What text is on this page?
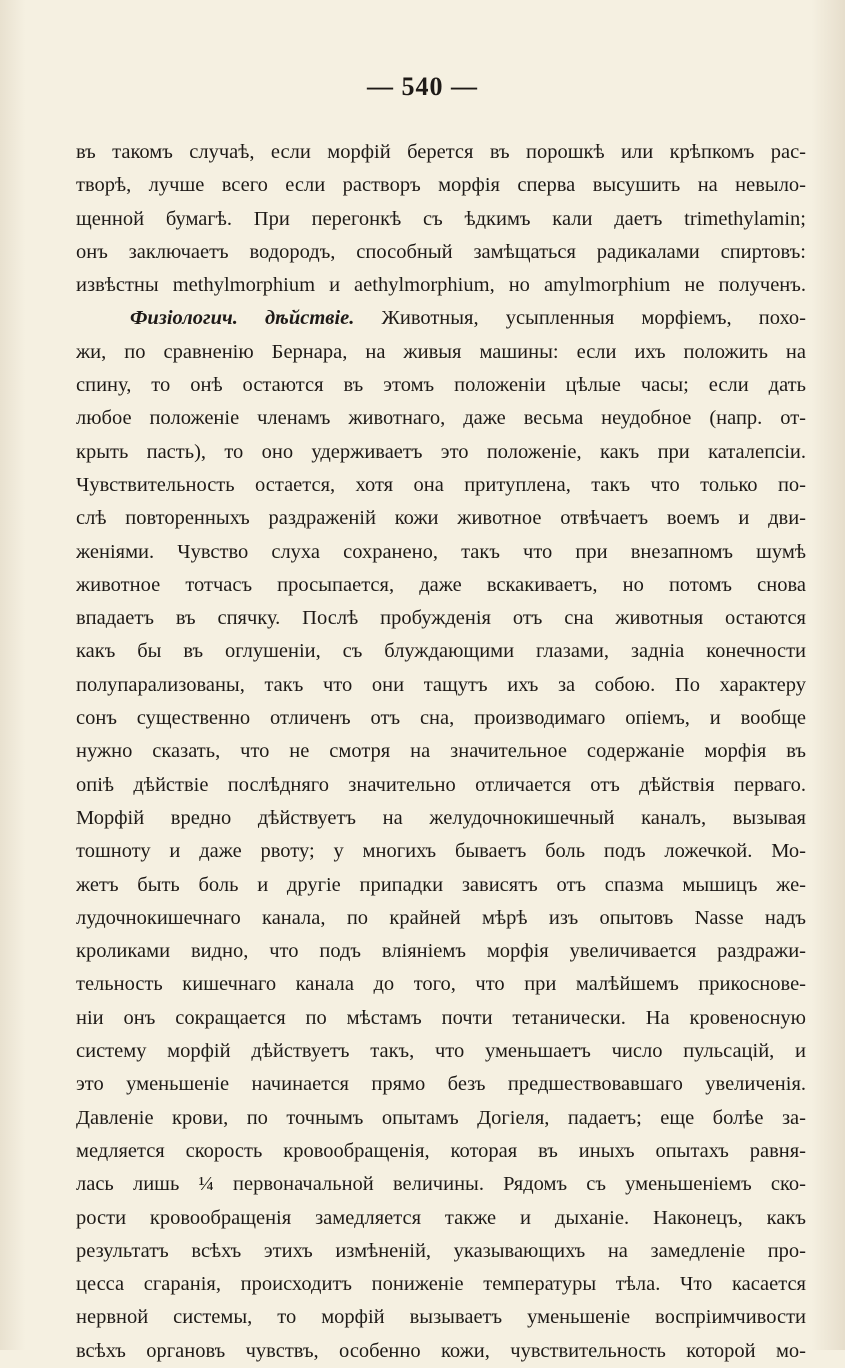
— 540 —
въ такомъ случаѣ, если морфій берется въ порошкѣ или крѣпкомъ рас-
творѣ, лучше всего если растворъ морфія сперва высушить на невылo-
щенной бумагѣ. При перегонкѣ съ ѣдкимъ кали даетъ trimethylamin;
онъ заключаетъ водородъ, способный замѣщаться радикалами спиртовъ:
извѣстны methylmorphium и aethylmorphium, но amylmorphium не полученъ.
Физіологич. дѣйствіе. Животныя, усыпленныя морфіемъ, похо-
жи, по сравненію Бернара, на живыя машины: если ихъ положить на
спину, то онѣ остаются въ этомъ положеніи цѣлые часы; если дать
любое положеніе членамъ животнаго, даже весьма неудобное (напр. от-
крыть пасть), то оно удерживаетъ это положеніе, какъ при каталепсіи.
Чувствительность остается, хотя она притуплена, такъ что только по-
слѣ повторенныхъ раздраженій кожи животное отвѣчаетъ воемъ и дви-
женіями. Чувство слуха сохранено, такъ что при внезапномъ шумѣ
животное тотчасъ просыпается, даже вскакиваетъ, но потомъ снова
впадаетъ въ спячку. Послѣ пробужденія отъ сна животныя остаются
какъ бы въ оглушеніи, съ блуждающими глазами, задніа конечности
полупарализованы, такъ что они тащутъ ихъ за собою. По характеру
сонъ существенно отличенъ отъ сна, производимаго опіемъ, и вообще
нужно сказать, что не смотря на значительное содержаніе морфія въ
опіѣ дѣйствіе послѣдняго значительно отличается отъ дѣйствія перваго.
Морфій вредно дѣйствуетъ на желудочнокишечный каналъ, вызывая
тошноту и даже рвоту; у многихъ бываетъ боль подъ ложечкой. Мо-
жетъ быть боль и другіе припадки зависятъ отъ спазма мышицъ же-
лудочнокишечнаго канала, по крайней мѣрѣ изъ опытовъ Nasse надъ
кроликами видно, что подъ вліяніемъ морфія увеличивается раздражи-
тельность кишечнаго канала до того, что при малѣйшемъ прикоснове-
ніи онъ сокращается по мѣстамъ почти тетанически. На кровеносную
систему морфій дѣйствуетъ такъ, что уменьшаетъ число пульсацій, и
это уменьшеніе начинается прямо безъ предшествовавшаго увеличенія.
Давленіе крови, по точнымъ опытамъ Догіеля, падаетъ; еще болѣе за-
медляется скорость кровообращенія, которая въ иныхъ опытахъ равня-
лась лишь ¼ первоначальной величины. Рядомъ съ уменьшеніемъ ско-
рости кровообращенія замедляется также и дыханіе. Наконецъ, какъ
результатъ всѣхъ этихъ измѣненій, указывающихъ на замедленіе про-
цесса сгаранія, происходитъ пониженіе температуры тѣла. Что касается
нервной системы, то морфій вызываетъ уменьшеніе воспріимчивости
всѣхъ органовъ чувствъ, особенно кожи, чувствительность которой мо-
